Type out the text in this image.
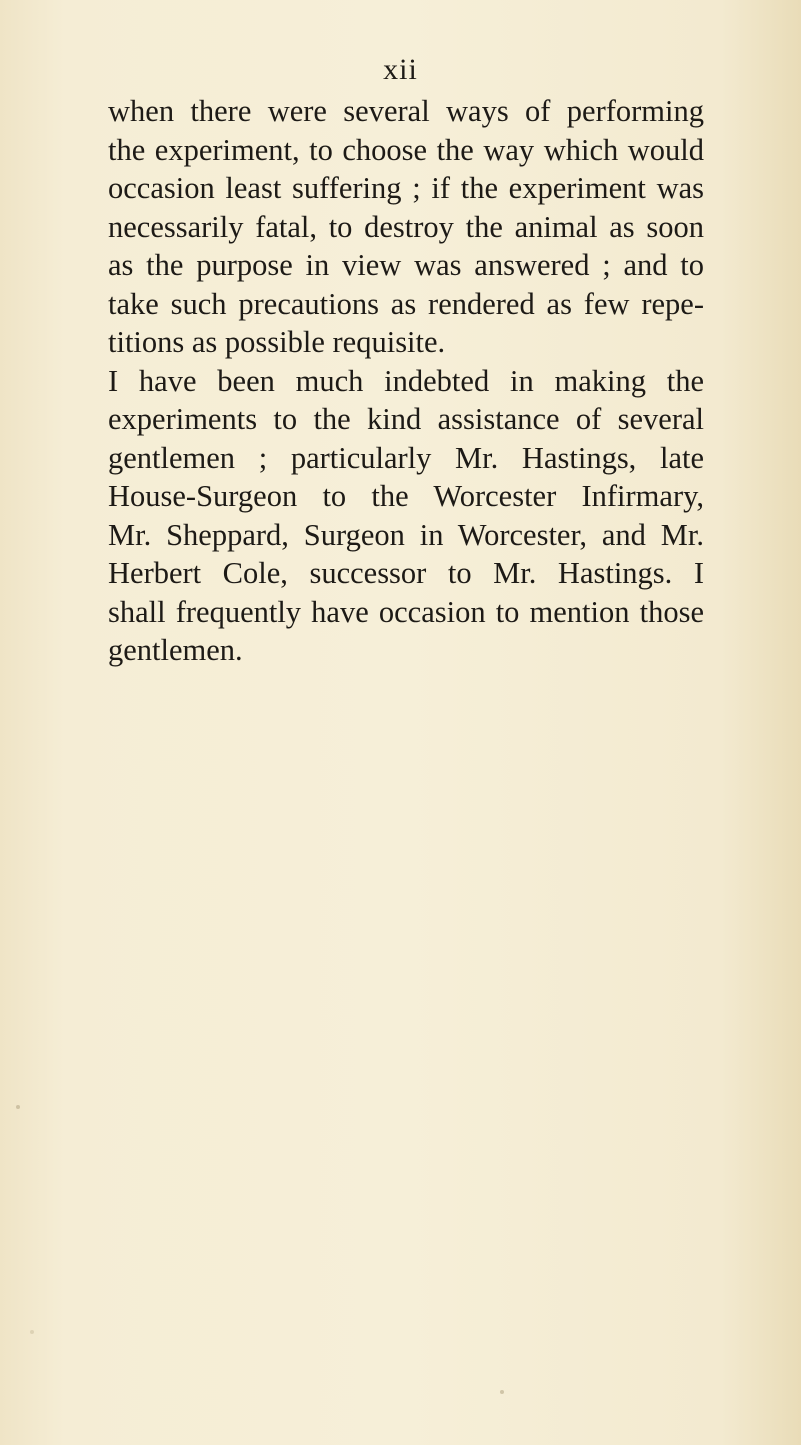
xii
when there were several ways of performing
the experiment, to choose the way which would
occasion least suffering ; if the experiment was
necessarily fatal, to destroy the animal as soon
as the purpose in view was answered ; and to
take such precautions as rendered as few repe-
titions as possible requisite.
I have been much indebted in making the
experiments to the kind assistance of several
gentlemen ; particularly Mr. Hastings, late
House-Surgeon to the Worcester Infirmary,
Mr. Sheppard, Surgeon in Worcester, and Mr.
Herbert Cole, successor to Mr. Hastings. I
shall frequently have occasion to mention those
gentlemen.
